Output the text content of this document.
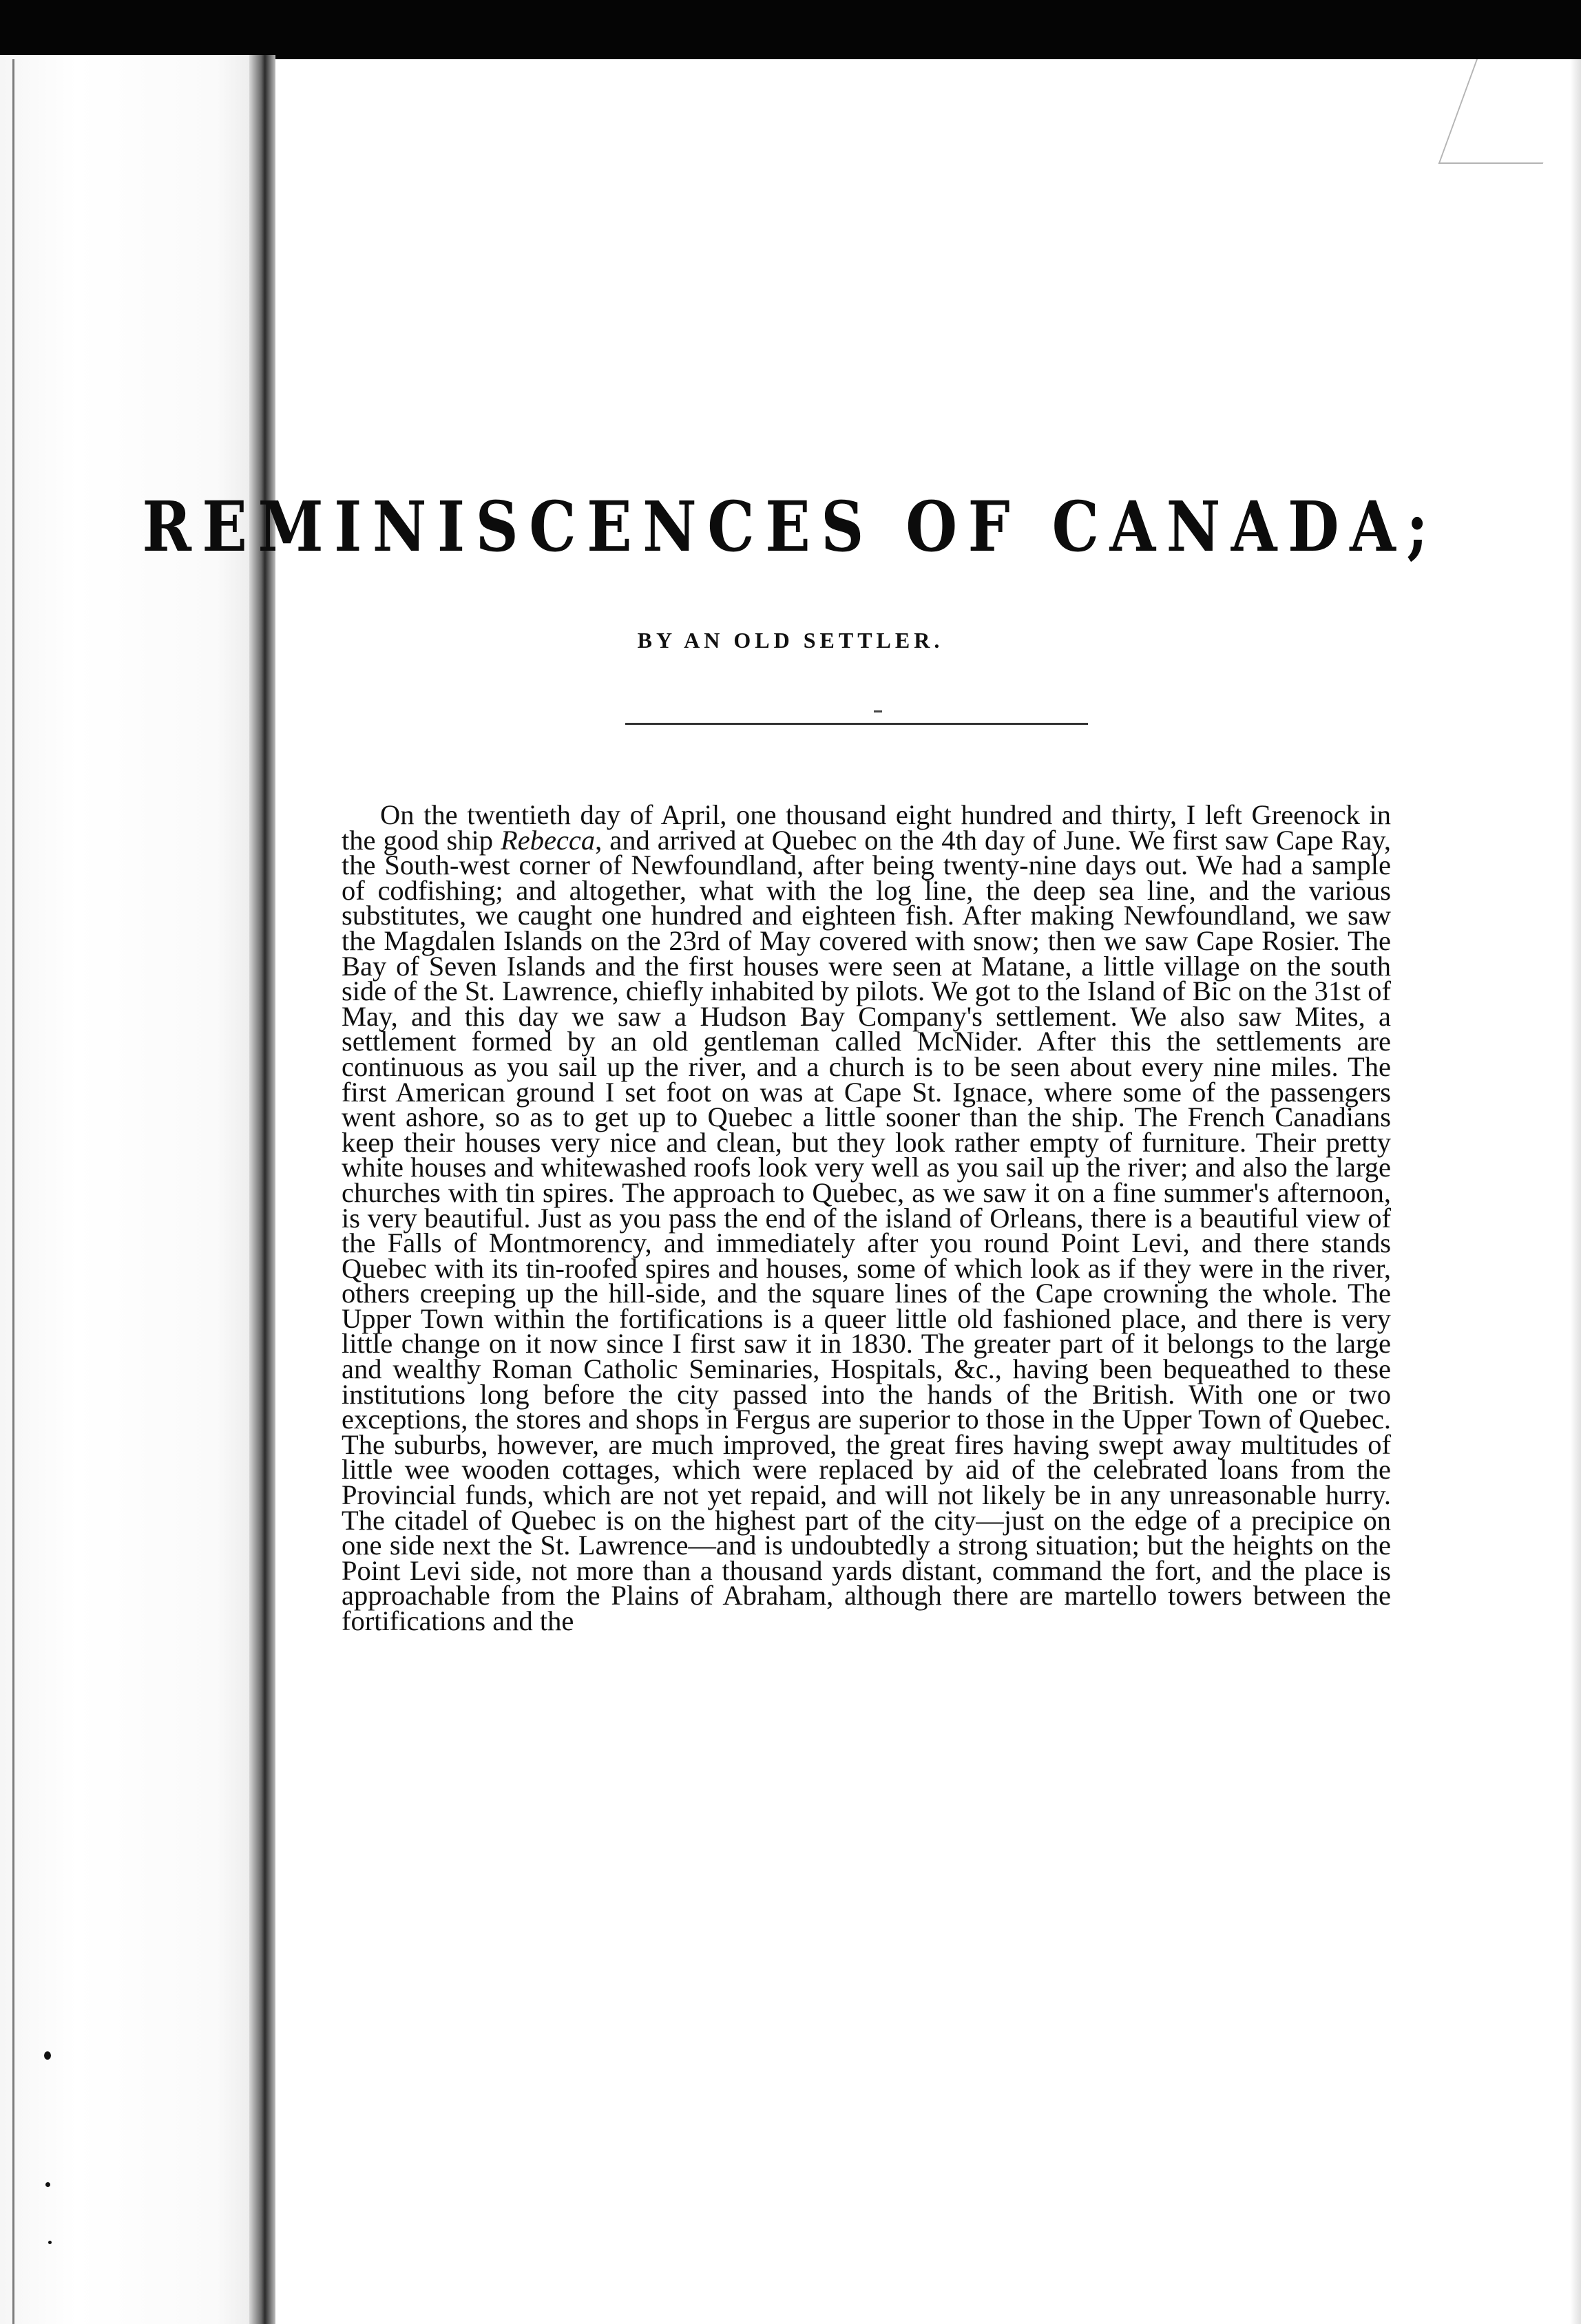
REMINISCENCES OF CANADA;
BY AN OLD SETTLER.

On the twentieth day of April, one thousand eight hundred and thirty, I left Greenock in the good ship Rebecca, and arrived at Quebec on the 4th day of June. We first saw Cape Ray, the South-west corner of Newfoundland, after being twenty-nine days out. We had a sample of codfishing; and altogether, what with the log line, the deep sea line, and the various substitutes, we caught one hundred and eighteen fish. After making Newfoundland, we saw the Magdalen Islands on the 23rd of May covered with snow; then we saw Cape Rosier. The Bay of Seven Islands and the first houses were seen at Matane, a little village on the south side of the St. Lawrence, chiefly inhabited by pilots. We got to the Island of Bic on the 31st of May, and this day we saw a Hudson Bay Company's settlement. We also saw Mites, a settlement formed by an old gentleman called McNider. After this the settlements are continuous as you sail up the river, and a church is to be seen about every nine miles. The first American ground I set foot on was at Cape St. Ignace, where some of the passengers went ashore, so as to get up to Quebec a little sooner than the ship. The French Canadians keep their houses very nice and clean, but they look rather empty of furniture. Their pretty white houses and whitewashed roofs look very well as you sail up the river; and also the large churches with tin spires. The approach to Quebec, as we saw it on a fine summer's afternoon, is very beautiful. Just as you pass the end of the island of Orleans, there is a beautiful view of the Falls of Montmorency, and immediately after you round Point Levi, and there stands Quebec with its tin-roofed spires and houses, some of which look as if they were in the river, others creeping up the hill-side, and the square lines of the Cape crowning the whole. The Upper Town within the fortifications is a queer little old fashioned place, and there is very little change on it now since I first saw it in 1830. The greater part of it belongs to the large and wealthy Roman Catholic Seminaries, Hospitals, &c., having been bequeathed to these institutions long before the city passed into the hands of the British. With one or two exceptions, the stores and shops in Fergus are superior to those in the Upper Town of Quebec. The suburbs, however, are much improved, the great fires having swept away multitudes of little wee wooden cottages, which were replaced by aid of the celebrated loans from the Provincial funds, which are not yet repaid, and will not likely be in any unreasonable hurry. The citadel of Quebec is on the highest part of the city—just on the edge of a precipice on one side next the St. Lawrence—and is undoubtedly a strong situation; but the heights on the Point Levi side, not more than a thousand yards distant, command the fort, and the place is approachable from the Plains of Abraham, although there are martello towers between the fortifications and the
